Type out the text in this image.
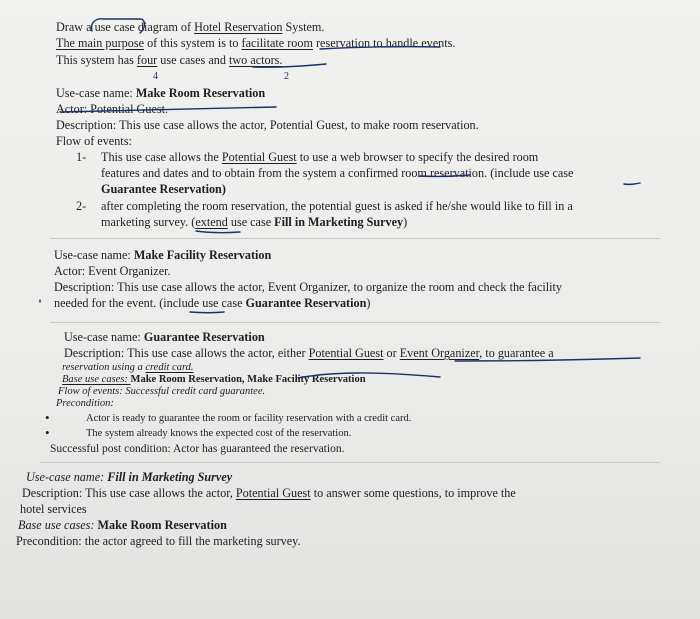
Draw a use case diagram of Hotel Reservation System.
The main purpose of this system is to facilitate room reservation to handle events.
This system has four use cases and two actors.
4	2
Use-case name: Make Room Reservation
Actor: Potential Guest.
Description: This use case allows the actor, Potential Guest, to make room reservation.
Flow of events:
1- This use case allows the Potential Guest to use a web browser to specify the desired room
features and dates and to obtain from the system a confirmed room reservation. (include use case
Guarantee Reservation)
2- after completing the room reservation, the potential guest is asked if he/she would like to fill in a
marketing survey. (extend use case Fill in Marketing Survey)
Use-case name: Make Facility Reservation
Actor: Event Organizer.
Description: This use case allows the actor, Event Organizer, to organize the room and check the facility
needed for the event. (include use case Guarantee Reservation)
Use-case name: Guarantee Reservation
Description: This use case allows the actor, either Potential Guest or Event Organizer, to guarantee a
reservation using a credit card.
Base use cases: Make Room Reservation, Make Facility Reservation
Flow of events: Successful credit card guarantee.
Precondition:
•	Actor is ready to guarantee the room or facility reservation with a credit card.
•	The system already knows the expected cost of the reservation.
Successful post condition: Actor has guaranteed the reservation.
Use-case name: Fill in Marketing Survey
Description: This use case allows the actor, Potential Guest to answer some questions, to improve the
hotel services
Base use cases: Make Room Reservation
Precondition: the actor agreed to fill the marketing survey.
